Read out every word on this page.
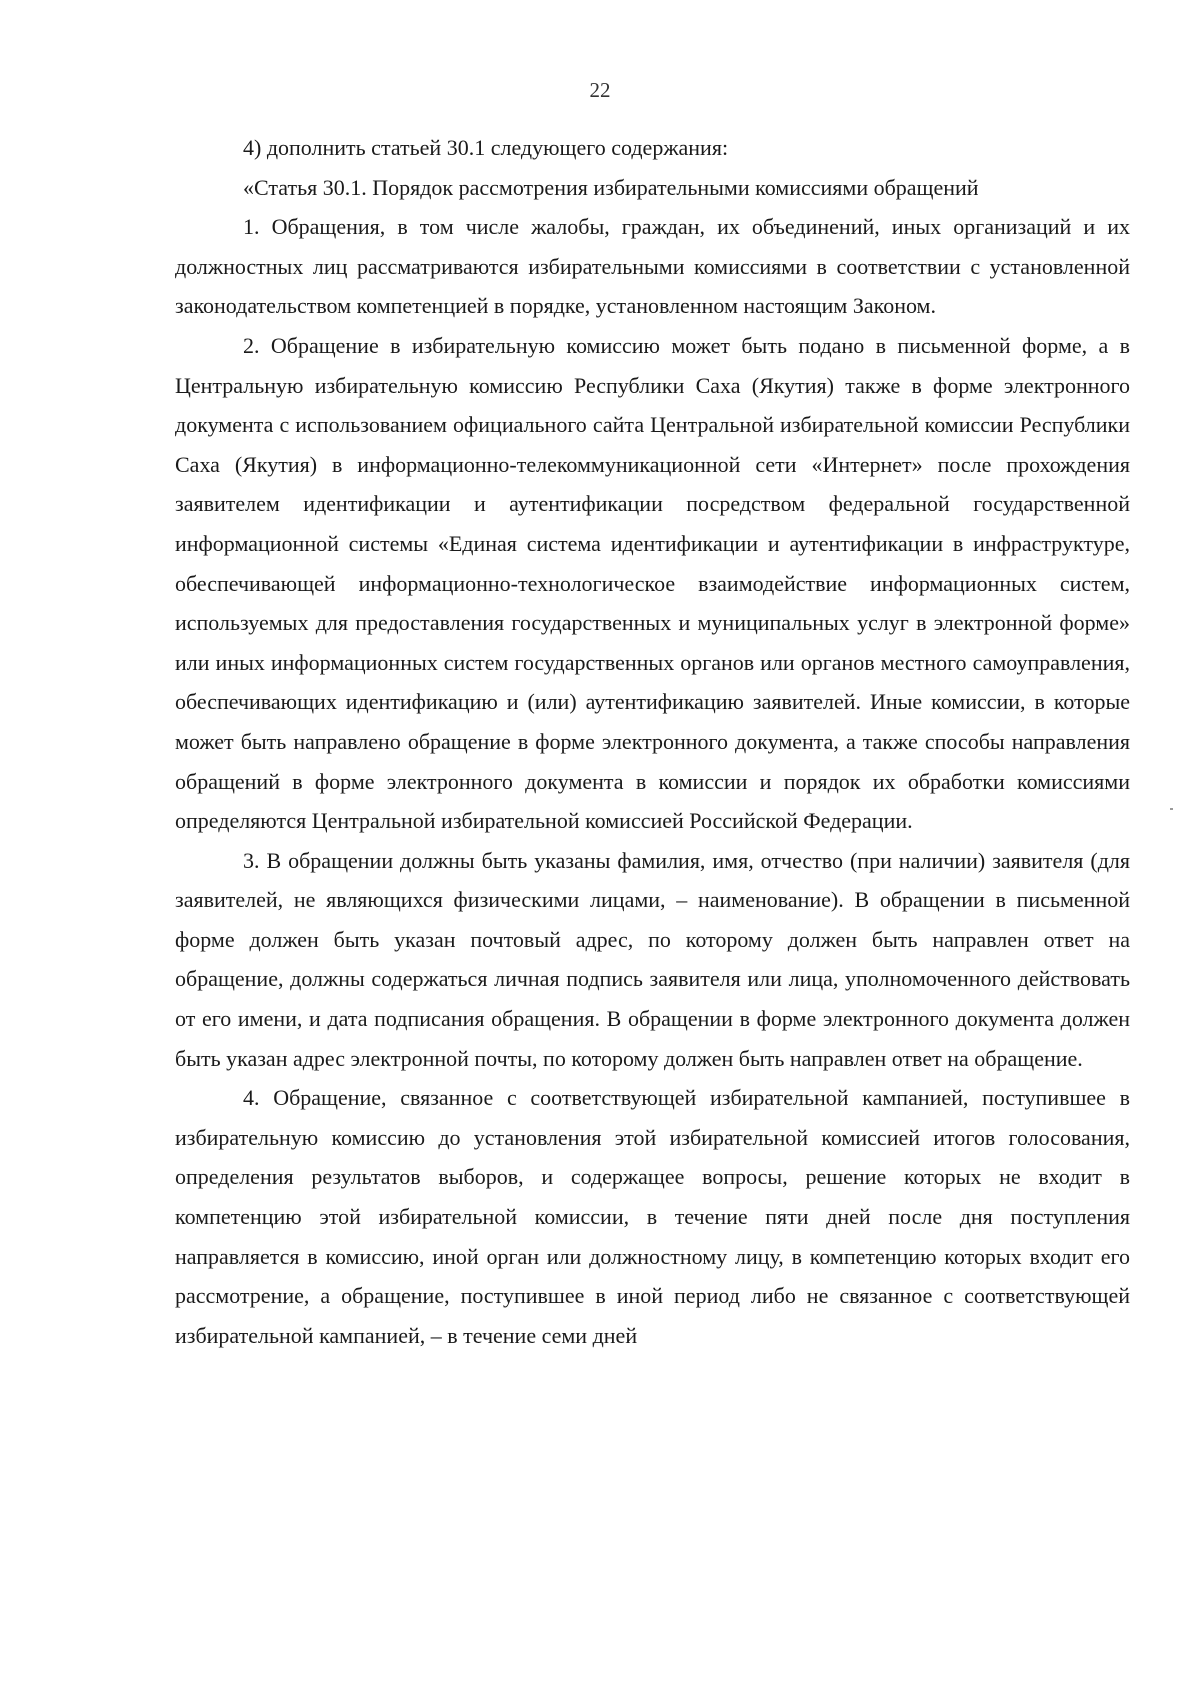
22

4) дополнить статьей 30.1 следующего содержания:

«Статья 30.1. Порядок рассмотрения избирательными комиссиями обращений

1. Обращения, в том числе жалобы, граждан, их объединений, иных организаций и их должностных лиц рассматриваются избирательными комиссиями в соответствии с установленной законодательством компетенцией в порядке, установленном настоящим Законом.

2. Обращение в избирательную комиссию может быть подано в письменной форме, а в Центральную избирательную комиссию Республики Саха (Якутия) также в форме электронного документа с использованием официального сайта Центральной избирательной комиссии Республики Саха (Якутия) в информационно-телекоммуникационной сети «Интернет» после прохождения заявителем идентификации и аутентификации посредством федеральной государственной информационной системы «Единая система идентификации и аутентификации в инфраструктуре, обеспечивающей информационно-технологическое взаимодействие информационных систем, используемых для предоставления государственных и муниципальных услуг в электронной форме» или иных информационных систем государственных органов или органов местного самоуправления, обеспечивающих идентификацию и (или) аутентификацию заявителей. Иные комиссии, в которые может быть направлено обращение в форме электронного документа, а также способы направления обращений в форме электронного документа в комиссии и порядок их обработки комиссиями определяются Центральной избирательной комиссией Российской Федерации.

3. В обращении должны быть указаны фамилия, имя, отчество (при наличии) заявителя (для заявителей, не являющихся физическими лицами, – наименование). В обращении в письменной форме должен быть указан почтовый адрес, по которому должен быть направлен ответ на обращение, должны содержаться личная подпись заявителя или лица, уполномоченного действовать от его имени, и дата подписания обращения. В обращении в форме электронного документа должен быть указан адрес электронной почты, по которому должен быть направлен ответ на обращение.

4. Обращение, связанное с соответствующей избирательной кампанией, поступившее в избирательную комиссию до установления этой избирательной комиссией итогов голосования, определения результатов выборов, и содержащее вопросы, решение которых не входит в компетенцию этой избирательной комиссии, в течение пяти дней после дня поступления направляется в комиссию, иной орган или должностному лицу, в компетенцию которых входит его рассмотрение, а обращение, поступившее в иной период либо не связанное с соответствующей избирательной кампанией, – в течение семи дней
